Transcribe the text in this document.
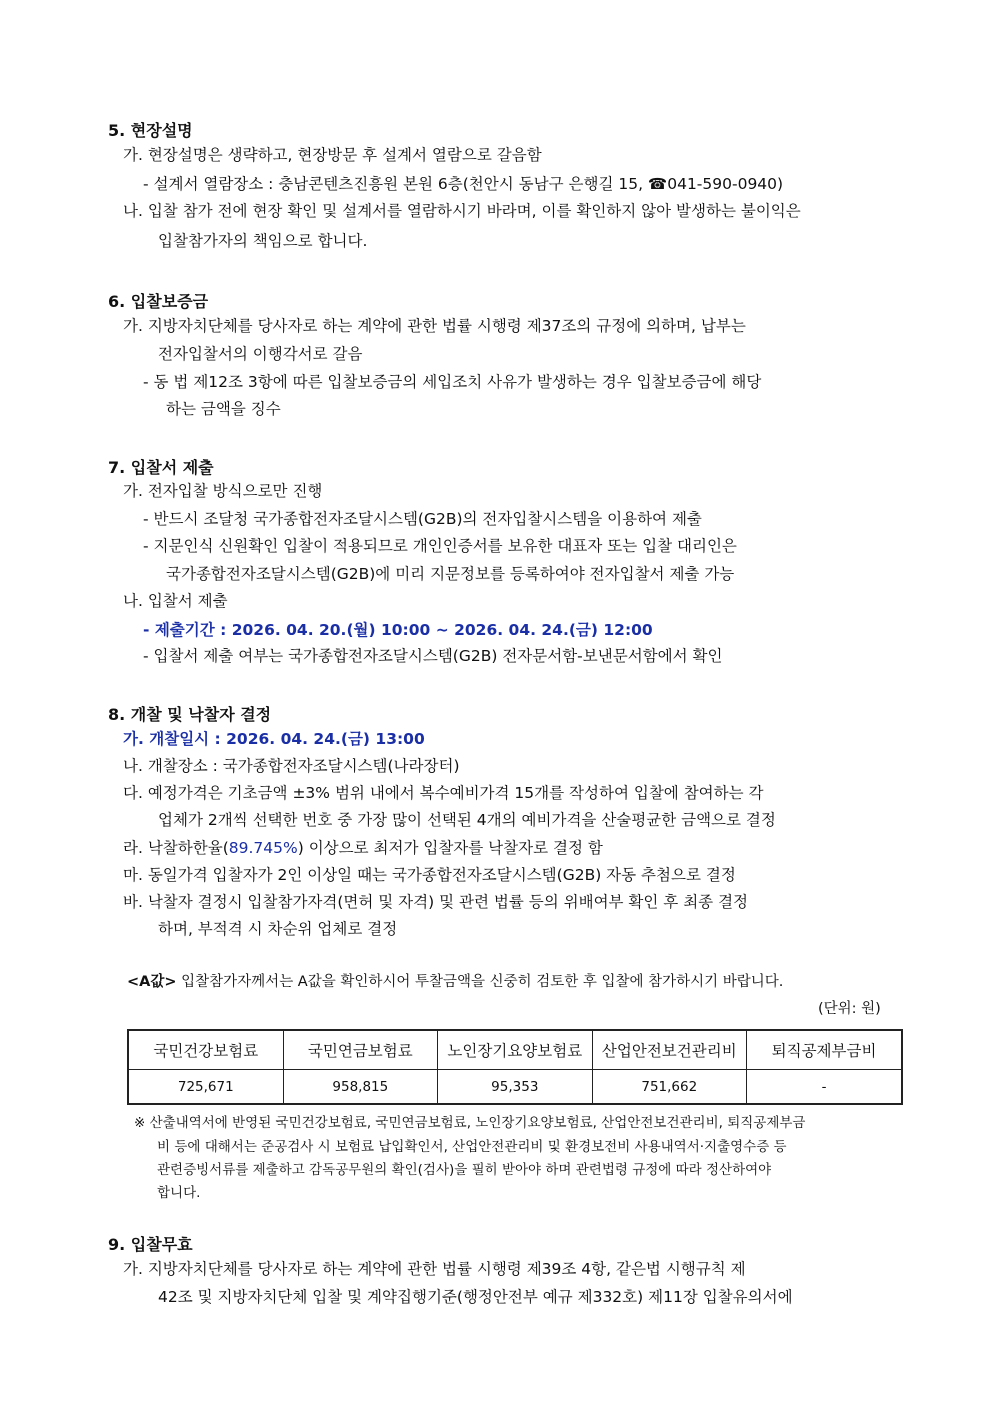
5. 현장설명
가. 현장설명은 생략하고, 현장방문 후 설계서 열람으로 갈음함
- 설계서 열람장소 : 충남콘텐츠진흥원 본원 6층(천안시 동남구 은행길 15, ☎041-590-0940)
나. 입찰 참가 전에 현장 확인 및 설계서를 열람하시기 바라며, 이를 확인하지 않아 발생하는 불이익은
입찰참가자의 책임으로 합니다.
6. 입찰보증금
가. 지방자치단체를 당사자로 하는 계약에 관한 법률 시행령 제37조의 규정에 의하며, 납부는
전자입찰서의 이행각서로 갈음
- 동 법 제12조 3항에 따른 입찰보증금의 세입조치 사유가 발생하는 경우 입찰보증금에 해당
하는 금액을 징수
7. 입찰서 제출
가. 전자입찰 방식으로만 진행
- 반드시 조달청 국가종합전자조달시스템(G2B)의 전자입찰시스템을 이용하여 제출
- 지문인식 신원확인 입찰이 적용되므로 개인인증서를 보유한 대표자 또는 입찰 대리인은
국가종합전자조달시스템(G2B)에 미리 지문정보를 등록하여야 전자입찰서 제출 가능
나. 입찰서 제출
- 제출기간 : 2026. 04. 20.(월) 10:00 ~ 2026. 04. 24.(금) 12:00
- 입찰서 제출 여부는 국가종합전자조달시스템(G2B) 전자문서함-보낸문서함에서 확인
8. 개찰 및 낙찰자 결정
가. 개찰일시 : 2026. 04. 24.(금) 13:00
나. 개찰장소 : 국가종합전자조달시스템(나라장터)
다. 예정가격은 기초금액 ±3% 범위 내에서 복수예비가격 15개를 작성하여 입찰에 참여하는 각
업체가 2개씩 선택한 번호 중 가장 많이 선택된 4개의 예비가격을 산술평균한 금액으로 결정
라. 낙찰하한율(89.745%) 이상으로 최저가 입찰자를 낙찰자로 결정 함
마. 동일가격 입찰자가 2인 이상일 때는 국가종합전자조달시스템(G2B) 자동 추첨으로 결정
바. 낙찰자 결정시 입찰참가자격(면허 및 자격) 및 관련 법률 등의 위배여부 확인 후 최종 결정
하며, 부적격 시 차순위 업체로 결정
<A값> 입찰참가자께서는 A값을 확인하시어 투찰금액을 신중히 검토한 후 입찰에 참가하시기 바랍니다.
(단위: 원)
국민건강보험료	국민연금보험료	노인장기요양보험료	산업안전보건관리비	퇴직공제부금비
725,671	958,815	95,353	751,662	-
※ 산출내역서에 반영된 국민건강보험료, 국민연금보험료, 노인장기요양보험료, 산업안전보건관리비, 퇴직공제부금
비 등에 대해서는 준공검사 시 보험료 납입확인서, 산업안전관리비 및 환경보전비 사용내역서·지출영수증 등
관련증빙서류를 제출하고 감독공무원의 확인(검사)을 필히 받아야 하며 관련법령 규정에 따라 정산하여야
합니다.
9. 입찰무효
가. 지방자치단체를 당사자로 하는 계약에 관한 법률 시행령 제39조 4항, 같은법 시행규칙 제
42조 및 지방자치단체 입찰 및 계약집행기준(행정안전부 예규 제332호) 제11장 입찰유의서에
